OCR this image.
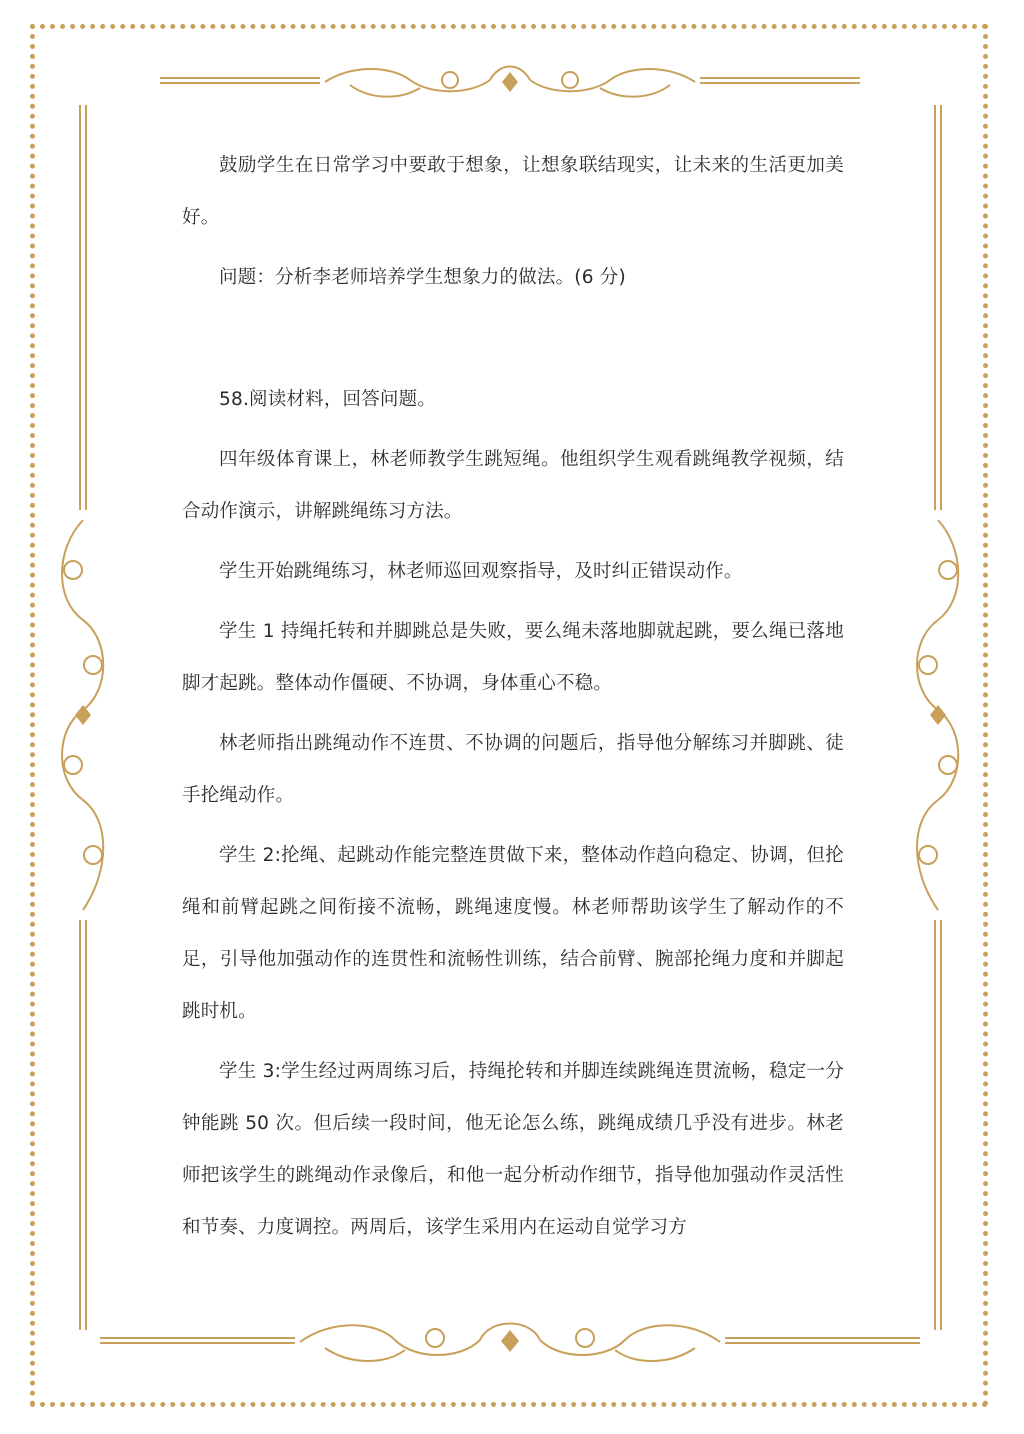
鼓励学生在日常学习中要敢于想象，让想象联结现实，让未来的生活更加美好。

问题：分析李老师培养学生想象力的做法。(6 分)

58.阅读材料，回答问题。

四年级体育课上，林老师教学生跳短绳。他组织学生观看跳绳教学视频，结合动作演示，讲解跳绳练习方法。

学生开始跳绳练习，林老师巡回观察指导，及时纠正错误动作。

学生 1 持绳托转和并脚跳总是失败，要么绳未落地脚就起跳，要么绳已落地脚才起跳。整体动作僵硬、不协调，身体重心不稳。

林老师指出跳绳动作不连贯、不协调的问题后，指导他分解练习并脚跳、徒手抡绳动作。

学生 2:抡绳、起跳动作能完整连贯做下来，整体动作趋向稳定、协调，但抡绳和前臂起跳之间衔接不流畅，跳绳速度慢。林老师帮助该学生了解动作的不足，引导他加强动作的连贯性和流畅性训练，结合前臂、腕部抡绳力度和并脚起跳时机。

学生 3:学生经过两周练习后，持绳抡转和并脚连续跳绳连贯流畅，稳定一分钟能跳 50 次。但后续一段时间，他无论怎么练，跳绳成绩几乎没有进步。林老师把该学生的跳绳动作录像后，和他一起分析动作细节，指导他加强动作灵活性和节奏、力度调控。两周后，该学生采用内在运动自觉学习方
